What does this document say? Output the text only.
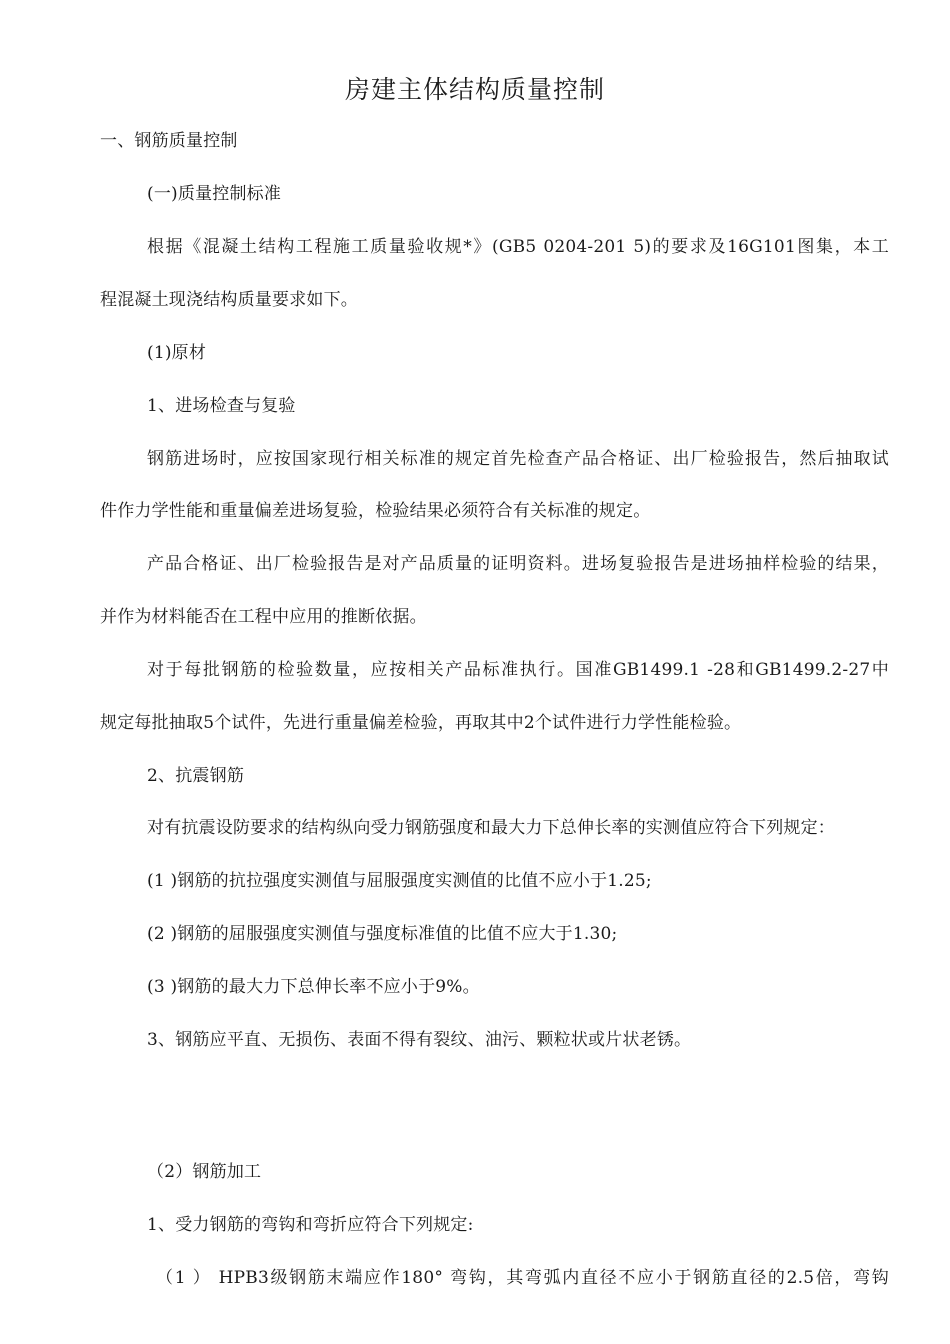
房建主体结构质量控制
一、钢筋质量控制
(一)质量控制标准
根据《混凝土结构工程施工质量验收规*》(GB5 0204-201 5)的要求及16G101图集，本工
程混凝土现浇结构质量要求如下。
(1)原材
1、进场检查与复验
钢筋进场时，应按国家现行相关标准的规定首先检查产品合格证、出厂检验报告，然后抽取试
件作力学性能和重量偏差进场复验，检验结果必须符合有关标准的规定。
产品合格证、出厂检验报告是对产品质量的证明资料。进场复验报告是进场抽样检验的结果，
并作为材料能否在工程中应用的推断依据。
对于每批钢筋的检验数量，应按相关产品标准执行。国准GB1499.1 -28和GB1499.2-27中
规定每批抽取5个试件，先进行重量偏差检验，再取其中2个试件进行力学性能检验。
2、抗震钢筋
对有抗震设防要求的结构纵向受力钢筋强度和最大力下总伸长率的实测值应符合下列规定：
(1 )钢筋的抗拉强度实测值与屈服强度实测值的比值不应小于1.25;
(2 )钢筋的屈服强度实测值与强度标准值的比值不应大于1.30;
(3 )钢筋的最大力下总伸长率不应小于9%。
3、钢筋应平直、无损伤、表面不得有裂纹、油污、颗粒状或片状老锈。
（2）钢筋加工
1、受力钢筋的弯钩和弯折应符合下列规定:
（1 ） HPB3级钢筋末端应作180° 弯钩，其弯弧内直径不应小于钢筋直径的2.5倍，弯钩
